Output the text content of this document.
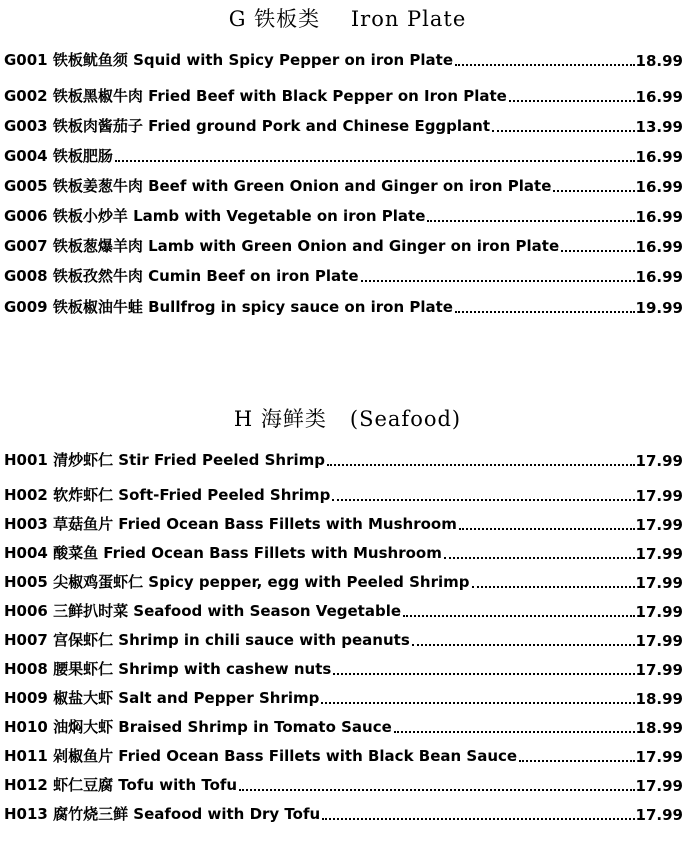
G 铁板类    Iron Plate
G001 铁板鱿鱼须 Squid with Spicy Pepper on iron Plate	18.99
G002 铁板黑椒牛肉 Fried Beef with Black Pepper on Iron Plate	16.99
G003 铁板肉酱茄子 Fried ground Pork and Chinese Eggplant	13.99
G004 铁板肥肠	16.99
G005 铁板姜葱牛肉 Beef with Green Onion and Ginger on iron Plate	16.99
G006 铁板小炒羊 Lamb with Vegetable on iron Plate	16.99
G007 铁板葱爆羊肉 Lamb with Green Onion and Ginger on iron Plate	16.99
G008 铁板孜然牛肉 Cumin Beef on iron Plate	16.99
G009 铁板椒油牛蛙 Bullfrog in spicy sauce on iron Plate	19.99
H 海鲜类   (Seafood)
H001 清炒虾仁 Stir Fried Peeled Shrimp	17.99
H002 软炸虾仁 Soft-Fried Peeled Shrimp	17.99
H003 草菇鱼片 Fried Ocean Bass Fillets with Mushroom	17.99
H004 酸菜鱼 Fried Ocean Bass Fillets with Mushroom	17.99
H005 尖椒鸡蛋虾仁 Spicy pepper, egg with Peeled Shrimp	17.99
H006 三鲜扒时菜 Seafood with Season Vegetable	17.99
H007 宫保虾仁 Shrimp in chili sauce with peanuts	17.99
H008 腰果虾仁 Shrimp with cashew nuts	17.99
H009 椒盐大虾 Salt and Pepper Shrimp	18.99
H010 油焖大虾 Braised Shrimp in Tomato Sauce	18.99
H011 剁椒鱼片 Fried Ocean Bass Fillets with Black Bean Sauce	17.99
H012 虾仁豆腐 Tofu with Tofu	17.99
H013 腐竹烧三鲜 Seafood with Dry Tofu	17.99
